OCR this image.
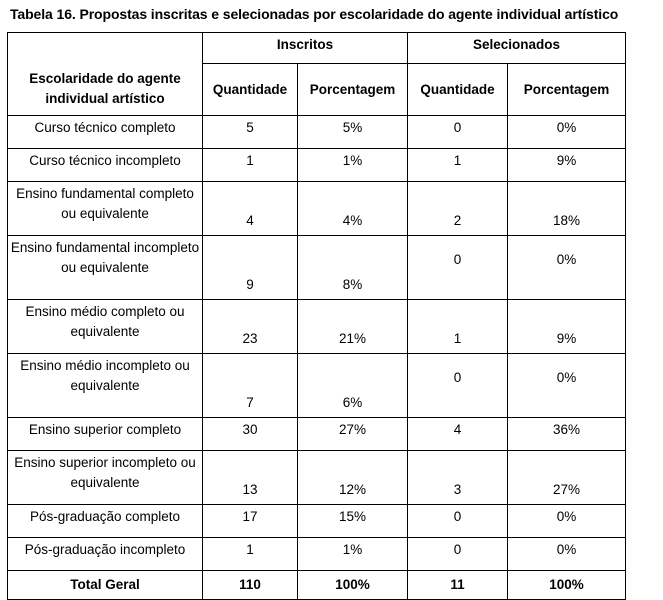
Tabela 16. Propostas inscritas e selecionadas por escolaridade do agente individual artístico
	Inscritos		Selecionados	
Escolaridade do agente individual artístico	Quantidade	Porcentagem	Quantidade	Porcentagem
Curso técnico completo	5	5%	0	0%
Curso técnico incompleto	1	1%	1	9%
Ensino fundamental completo ou equivalente	4	4%	2	18%
Ensino fundamental incompleto ou equivalente	9	8%	0	0%
Ensino médio completo ou equivalente	23	21%	1	9%
Ensino médio incompleto ou equivalente	7	6%	0	0%
Ensino superior completo	30	27%	4	36%
Ensino superior incompleto ou equivalente	13	12%	3	27%
Pós-graduação completo	17	15%	0	0%
Pós-graduação incompleto	1	1%	0	0%
Total Geral	110	100%	11	100%
